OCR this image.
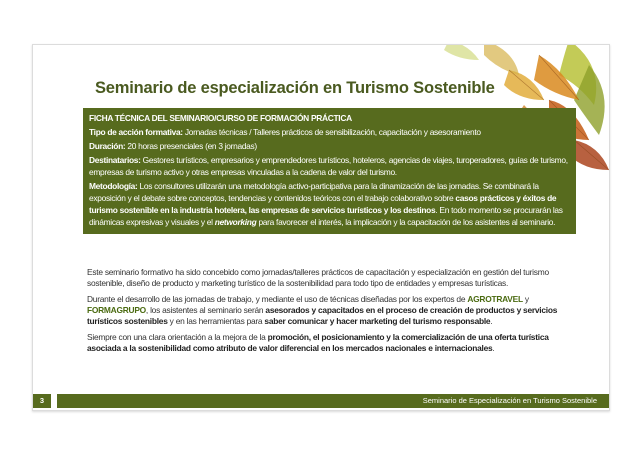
Seminario de especialización en Turismo Sostenible

FICHA TÉCNICA DEL SEMINARIO/CURSO DE FORMACIÓN PRÁCTICA

Tipo de acción formativa: Jornadas técnicas / Talleres prácticos de sensibilización, capacitación y asesoramiento

Duración: 20 horas presenciales (en 3 jornadas)

Destinatarios: Gestores turísticos, empresarios y emprendedores turísticos, hoteleros, agencias de viajes, turoperadores, guías de turismo, empresas de turismo activo y otras empresas vinculadas a la cadena de valor del turismo.

Metodología: Los consultores utilizarán una metodología activo-participativa para la dinamización de las jornadas. Se combinará la exposición y el debate sobre conceptos, tendencias y contenidos teóricos con el trabajo colaborativo sobre casos prácticos y éxitos de turismo sostenible en la industria hotelera, las empresas de servicios turísticos y los destinos. En todo momento se procurarán las dinámicas expresivas y visuales y el networking para favorecer el interés, la implicación y la capacitación de los asistentes al seminario.

Este seminario formativo ha sido concebido como jornadas/talleres prácticos de capacitación y especialización en gestión del turismo sostenible, diseño de producto y marketing turístico de la sostenibilidad para todo tipo de entidades y empresas turísticas.

Durante el desarrollo de las jornadas de trabajo, y mediante el uso de técnicas diseñadas por los expertos de AGROTRAVEL y FORMAGRUPO, los asistentes al seminario serán asesorados y capacitados en el proceso de creación de productos y servicios turísticos sostenibles y en las herramientas para saber comunicar y hacer marketing del turismo responsable.

Siempre con una clara orientación a la mejora de la promoción, el posicionamiento y la comercialización de una oferta turística asociada a la sostenibilidad como atributo de valor diferencial en los mercados nacionales e internacionales.

3	Seminario de Especialización en Turismo Sostenible
